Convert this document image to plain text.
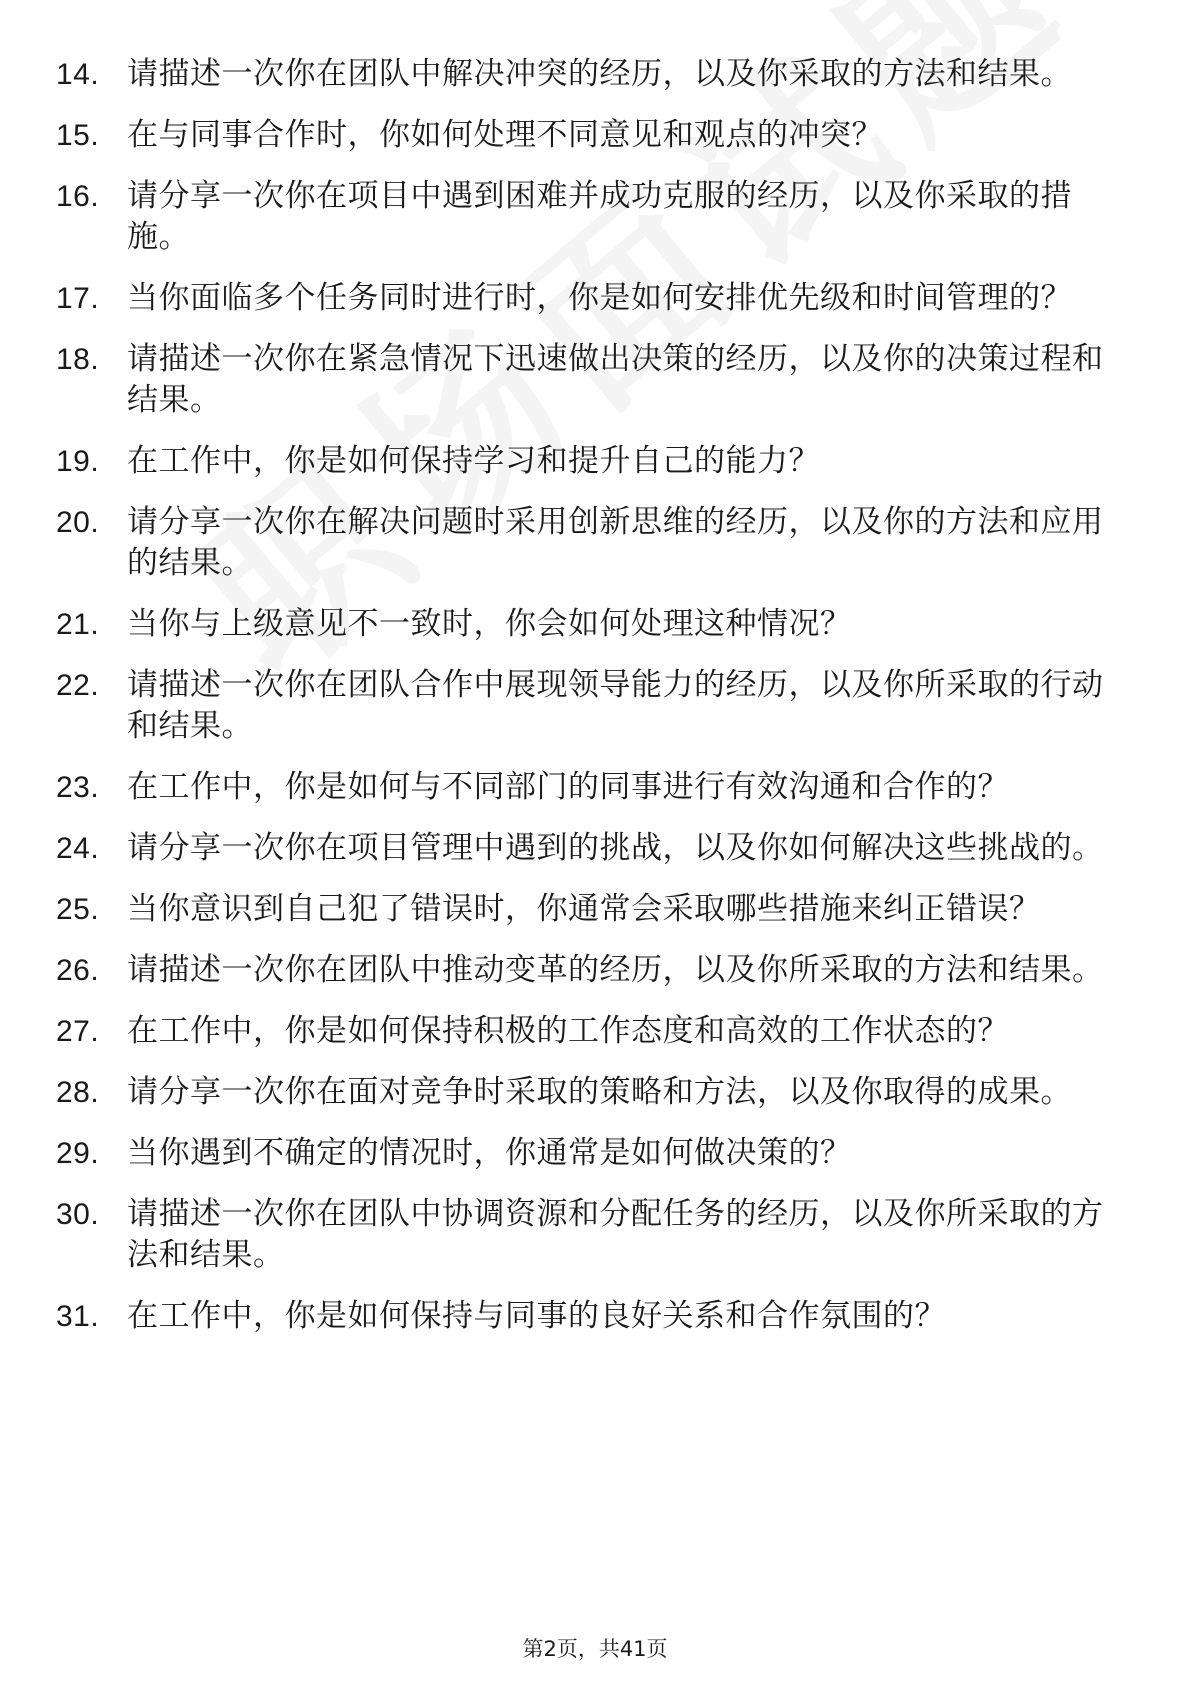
14. 请描述一次你在团队中解决冲突的经历，以及你采取的方法和结果。
15. 在与同事合作时，你如何处理不同意见和观点的冲突？
16. 请分享一次你在项目中遇到困难并成功克服的经历，以及你采取的措施。
17. 当你面临多个任务同时进行时，你是如何安排优先级和时间管理的？
18. 请描述一次你在紧急情况下迅速做出决策的经历，以及你的决策过程和结果。
19. 在工作中，你是如何保持学习和提升自己的能力？
20. 请分享一次你在解决问题时采用创新思维的经历，以及你的方法和应用的结果。
21. 当你与上级意见不一致时，你会如何处理这种情况？
22. 请描述一次你在团队合作中展现领导能力的经历，以及你所采取的行动和结果。
23. 在工作中，你是如何与不同部门的同事进行有效沟通和合作的？
24. 请分享一次你在项目管理中遇到的挑战，以及你如何解决这些挑战的。
25. 当你意识到自己犯了错误时，你通常会采取哪些措施来纠正错误？
26. 请描述一次你在团队中推动变革的经历，以及你所采取的方法和结果。
27. 在工作中，你是如何保持积极的工作态度和高效的工作状态的？
28. 请分享一次你在面对竞争时采取的策略和方法，以及你取得的成果。
29. 当你遇到不确定的情况时，你通常是如何做决策的？
30. 请描述一次你在团队中协调资源和分配任务的经历，以及你所采取的方法和结果。
31. 在工作中，你是如何保持与同事的良好关系和合作氛围的？
第2页，共41页
